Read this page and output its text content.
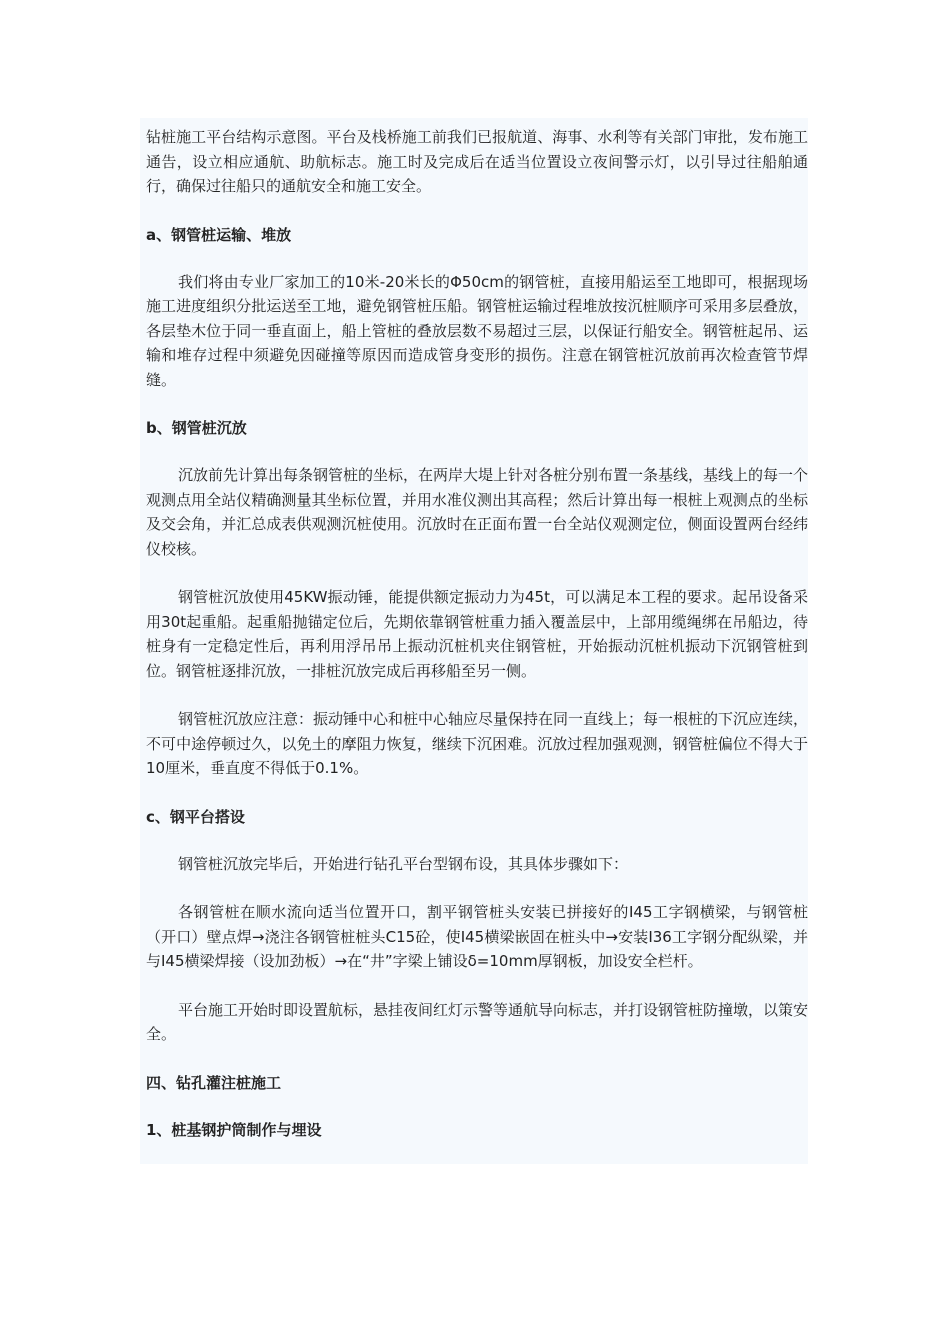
钻桩施工平台结构示意图。平台及栈桥施工前我们已报航道、海事、水利等有关部门审批，发布施工通告，设立相应通航、助航标志。施工时及完成后在适当位置设立夜间警示灯，以引导过往船舶通行，确保过往船只的通航安全和施工安全。

a、钢管桩运输、堆放

我们将由专业厂家加工的10米-20米长的Φ50cm的钢管桩，直接用船运至工地即可，根据现场施工进度组织分批运送至工地，避免钢管桩压船。钢管桩运输过程堆放按沉桩顺序可采用多层叠放，各层垫木位于同一垂直面上，船上管桩的叠放层数不易超过三层，以保证行船安全。钢管桩起吊、运输和堆存过程中须避免因碰撞等原因而造成管身变形的损伤。注意在钢管桩沉放前再次检查管节焊缝。

b、钢管桩沉放

沉放前先计算出每条钢管桩的坐标，在两岸大堤上针对各桩分别布置一条基线，基线上的每一个观测点用全站仪精确测量其坐标位置，并用水准仪测出其高程；然后计算出每一根桩上观测点的坐标及交会角，并汇总成表供观测沉桩使用。沉放时在正面布置一台全站仪观测定位，侧面设置两台经纬仪校核。

钢管桩沉放使用45KW振动锤，能提供额定振动力为45t，可以满足本工程的要求。起吊设备采用30t起重船。起重船抛锚定位后，先期依靠钢管桩重力插入覆盖层中，上部用缆绳绑在吊船边，待桩身有一定稳定性后，再利用浮吊吊上振动沉桩机夹住钢管桩，开始振动沉桩机振动下沉钢管桩到位。钢管桩逐排沉放，一排桩沉放完成后再移船至另一侧。

钢管桩沉放应注意：振动锤中心和桩中心轴应尽量保持在同一直线上；每一根桩的下沉应连续，不可中途停顿过久，以免土的摩阻力恢复，继续下沉困难。沉放过程加强观测，钢管桩偏位不得大于10厘米，垂直度不得低于0.1%。

c、钢平台搭设

钢管桩沉放完毕后，开始进行钻孔平台型钢布设，其具体步骤如下：

各钢管桩在顺水流向适当位置开口，割平钢管桩头安装已拼接好的I45工字钢横梁，与钢管桩（开口）壁点焊→浇注各钢管桩桩头C15砼，使I45横梁嵌固在桩头中→安装I36工字钢分配纵梁，并与I45横梁焊接（设加劲板）→在“井”字梁上铺设δ=10mm厚钢板，加设安全栏杆。

平台施工开始时即设置航标，悬挂夜间红灯示警等通航导向标志，并打设钢管桩防撞墩，以策安全。

四、钻孔灌注桩施工

1、桩基钢护筒制作与埋设
